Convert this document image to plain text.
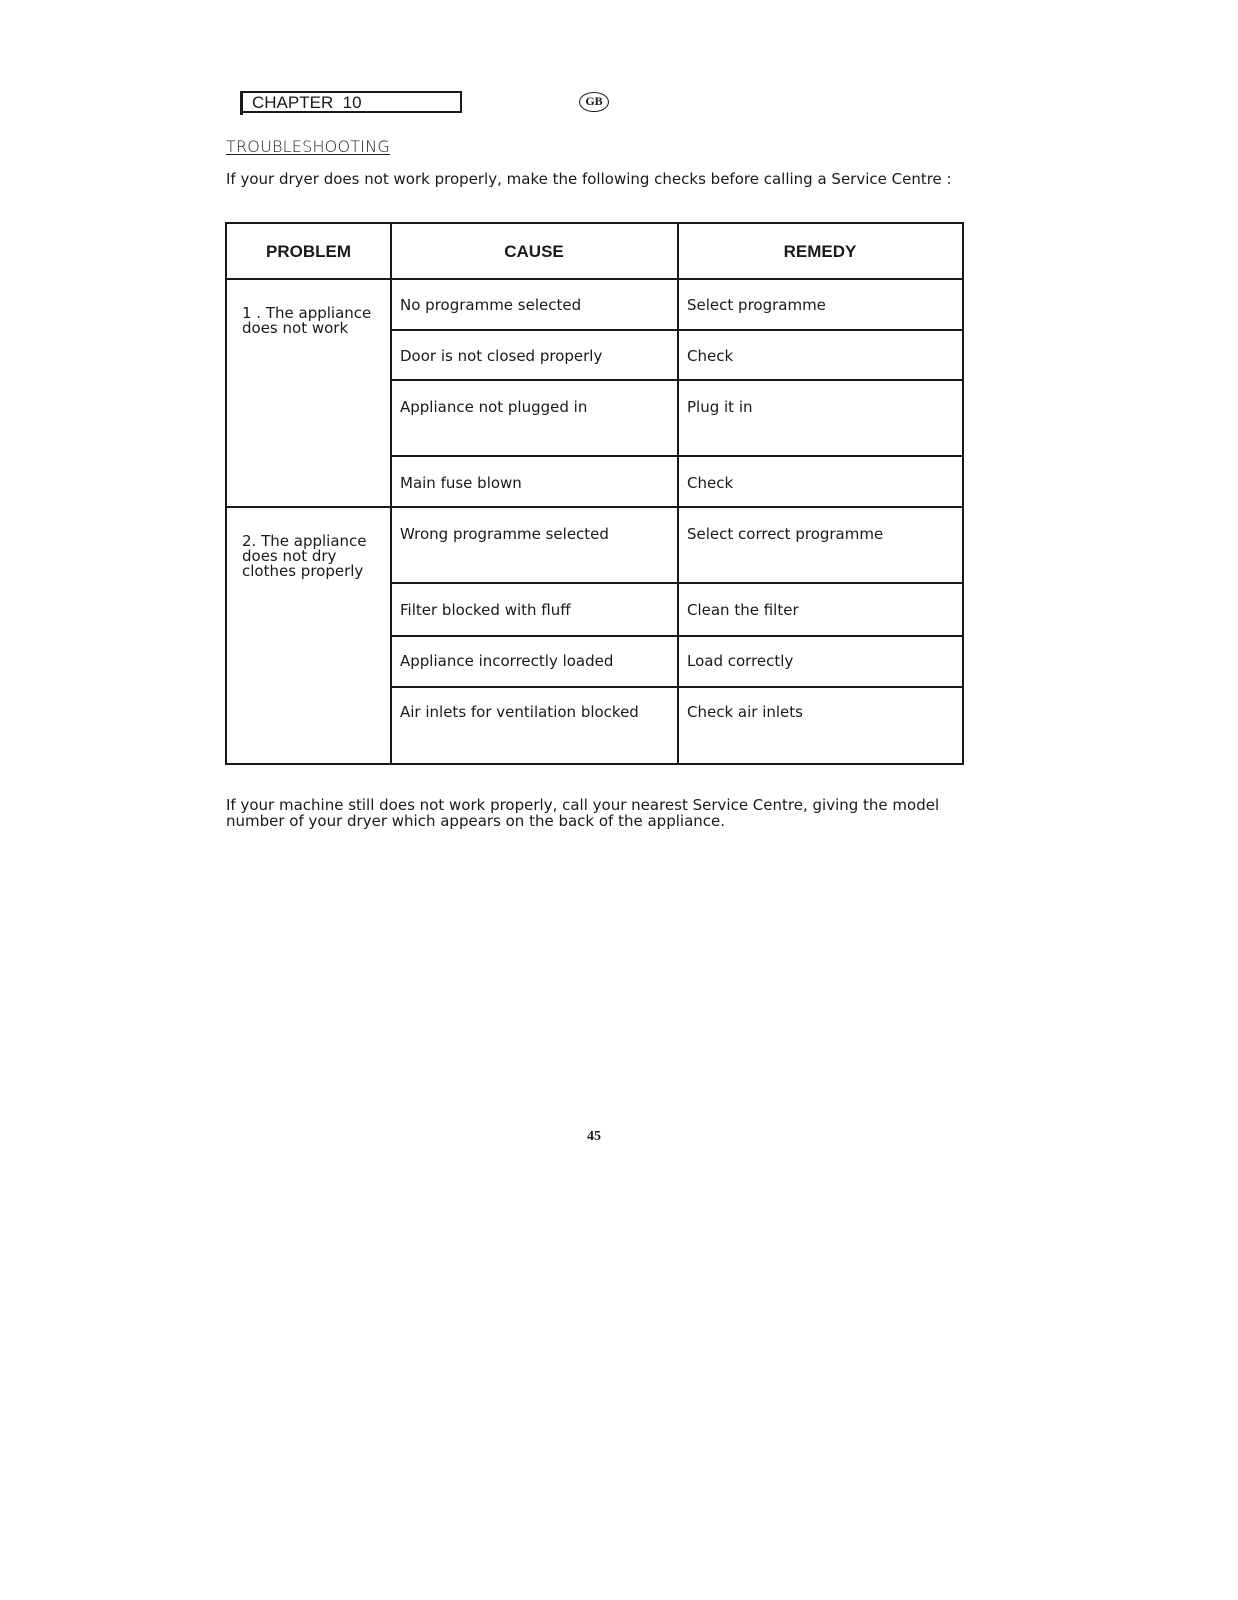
CHAPTER  10	GB
TROUBLESHOOTING
If your dryer does not work properly, make the following checks before calling a Service Centre :
PROBLEM	CAUSE	REMEDY
1 . The appliance does not work
No programme selected	Select programme
Door is not closed properly	Check
Appliance not plugged in	Plug it in
Main fuse blown	Check
2. The appliance does not dry clothes properly
Wrong programme selected	Select correct programme
Filter blocked with fluff	Clean the filter
Appliance incorrectly loaded	Load correctly
Air inlets for ventilation blocked	Check air inlets
If your machine still does not work properly, call your nearest Service Centre, giving the model number of your dryer which appears on the back of the appliance.
45
